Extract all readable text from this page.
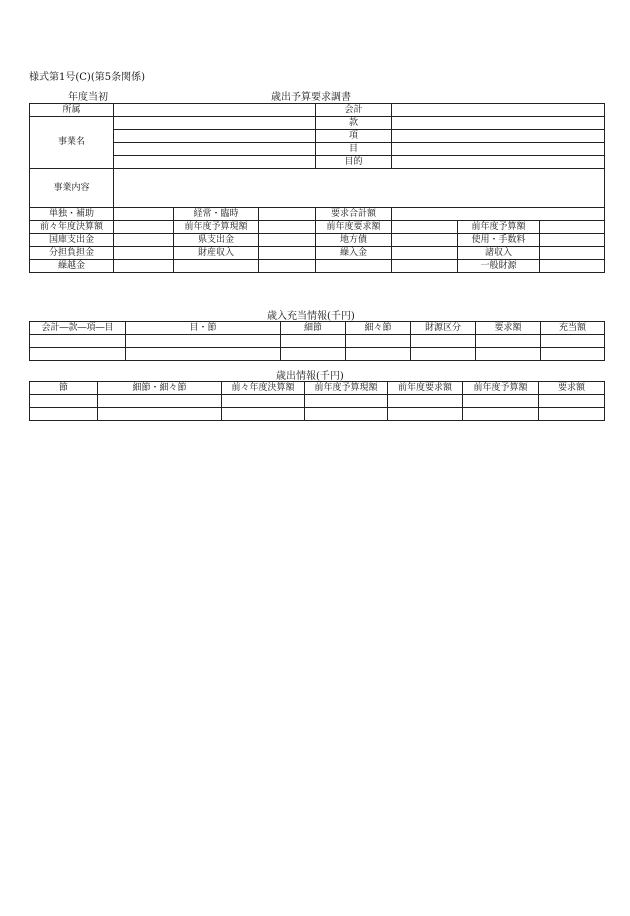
様式第1号(C)(第5条関係)
年度当初	歳出予算要求調書
所属				会計			
事業名				款			
				項			
				目			
				目的			
事業内容							
単独・補助		経常・臨時		要求合計額			
前々年度決算額		前年度予算現額		前年度要求額		前年度予算額	
国庫支出金		県支出金		地方債		使用・手数料	
分担負担金		財産収入		繰入金		諸収入	
繰越金						一般財源	
歳入充当情報(千円)
会計―款―項―目	目・節	細節	細々節	財源区分	要求額	充当額

歳出情報(千円)
節	細節・細々節	前々年度決算額	前年度予算現額	前年度要求額	前年度予算額	要求額
